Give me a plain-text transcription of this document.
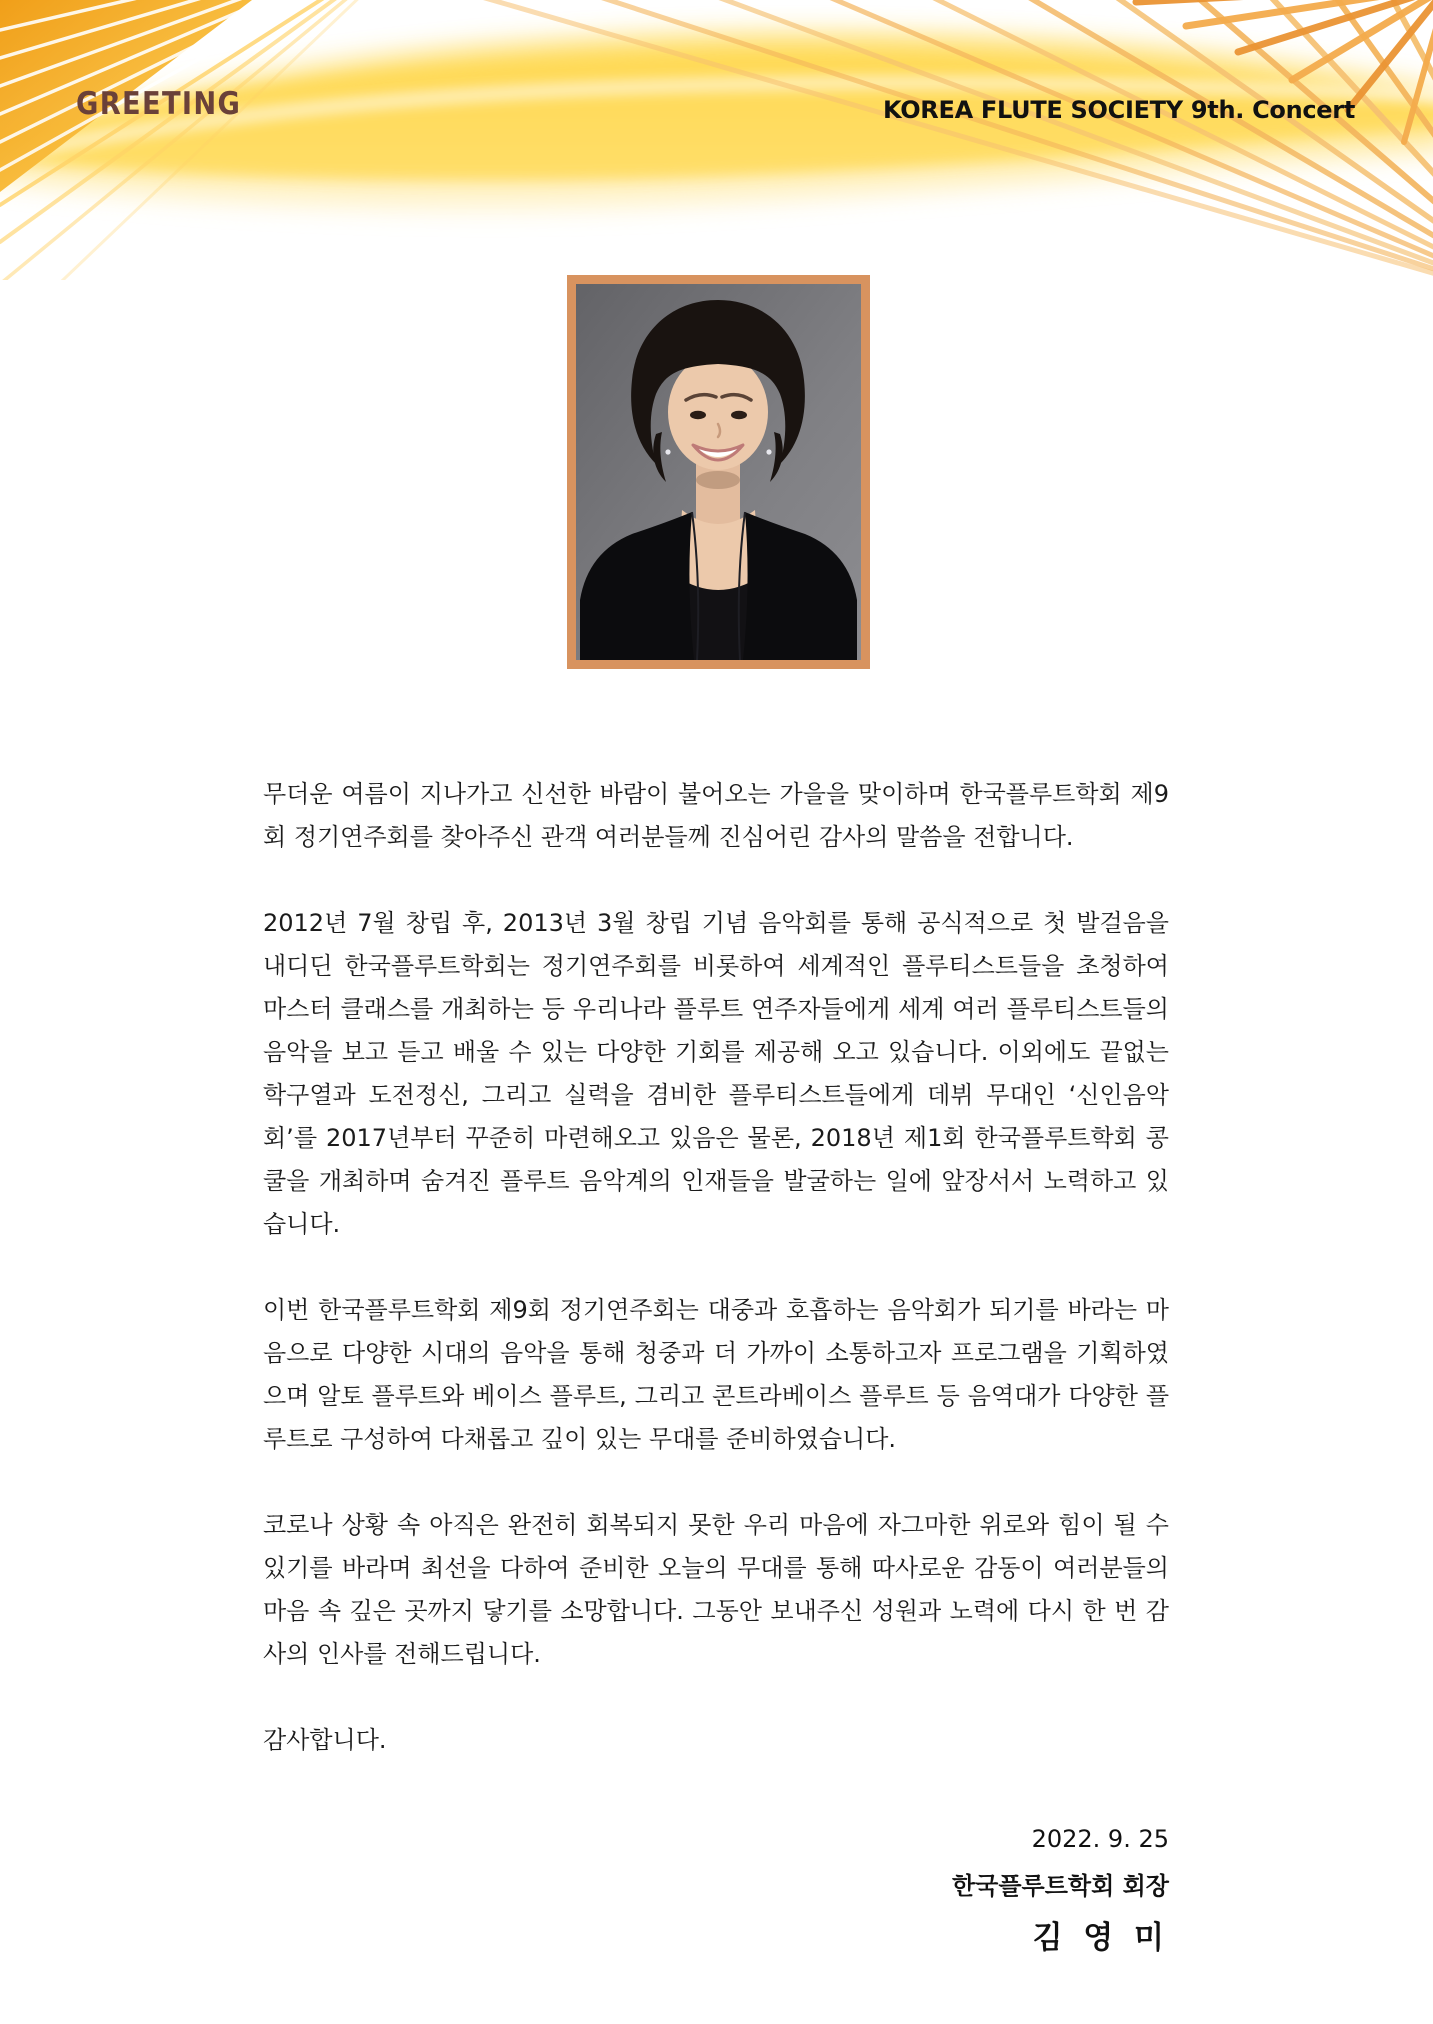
GREETING	KOREA FLUTE SOCIETY 9th. Concert

무더운 여름이 지나가고 신선한 바람이 불어오는 가을을 맞이하며 한국플루트학회 제9회 정기연주회를 찾아주신 관객 여러분들께 진심어린 감사의 말씀을 전합니다.

2012년 7월 창립 후, 2013년 3월 창립 기념 음악회를 통해 공식적으로 첫 발걸음을 내디딘 한국플루트학회는 정기연주회를 비롯하여 세계적인 플루티스트들을 초청하여 마스터 클래스를 개최하는 등 우리나라 플루트 연주자들에게 세계 여러 플루티스트들의 음악을 보고 듣고 배울 수 있는 다양한 기회를 제공해 오고 있습니다. 이외에도 끝없는 학구열과 도전정신, 그리고 실력을 겸비한 플루티스트들에게 데뷔 무대인 ‘신인음악회’를 2017년부터 꾸준히 마련해오고 있음은 물론, 2018년 제1회 한국플루트학회 콩쿨을 개최하며 숨겨진 플루트 음악계의 인재들을 발굴하는 일에 앞장서서 노력하고 있습니다.

이번 한국플루트학회 제9회 정기연주회는 대중과 호흡하는 음악회가 되기를 바라는 마음으로 다양한 시대의 음악을 통해 청중과 더 가까이 소통하고자 프로그램을 기획하였으며 알토 플루트와 베이스 플루트, 그리고 콘트라베이스 플루트 등 음역대가 다양한 플루트로 구성하여 다채롭고 깊이 있는 무대를 준비하였습니다.

코로나 상황 속 아직은 완전히 회복되지 못한 우리 마음에 자그마한 위로와 힘이 될 수 있기를 바라며 최선을 다하여 준비한 오늘의 무대를 통해 따사로운 감동이 여러분들의 마음 속 깊은 곳까지 닿기를 소망합니다. 그동안 보내주신 성원과 노력에 다시 한 번 감사의 인사를 전해드립니다.

감사합니다.

2022. 9. 25
한국플루트학회 회장
김 영 미
